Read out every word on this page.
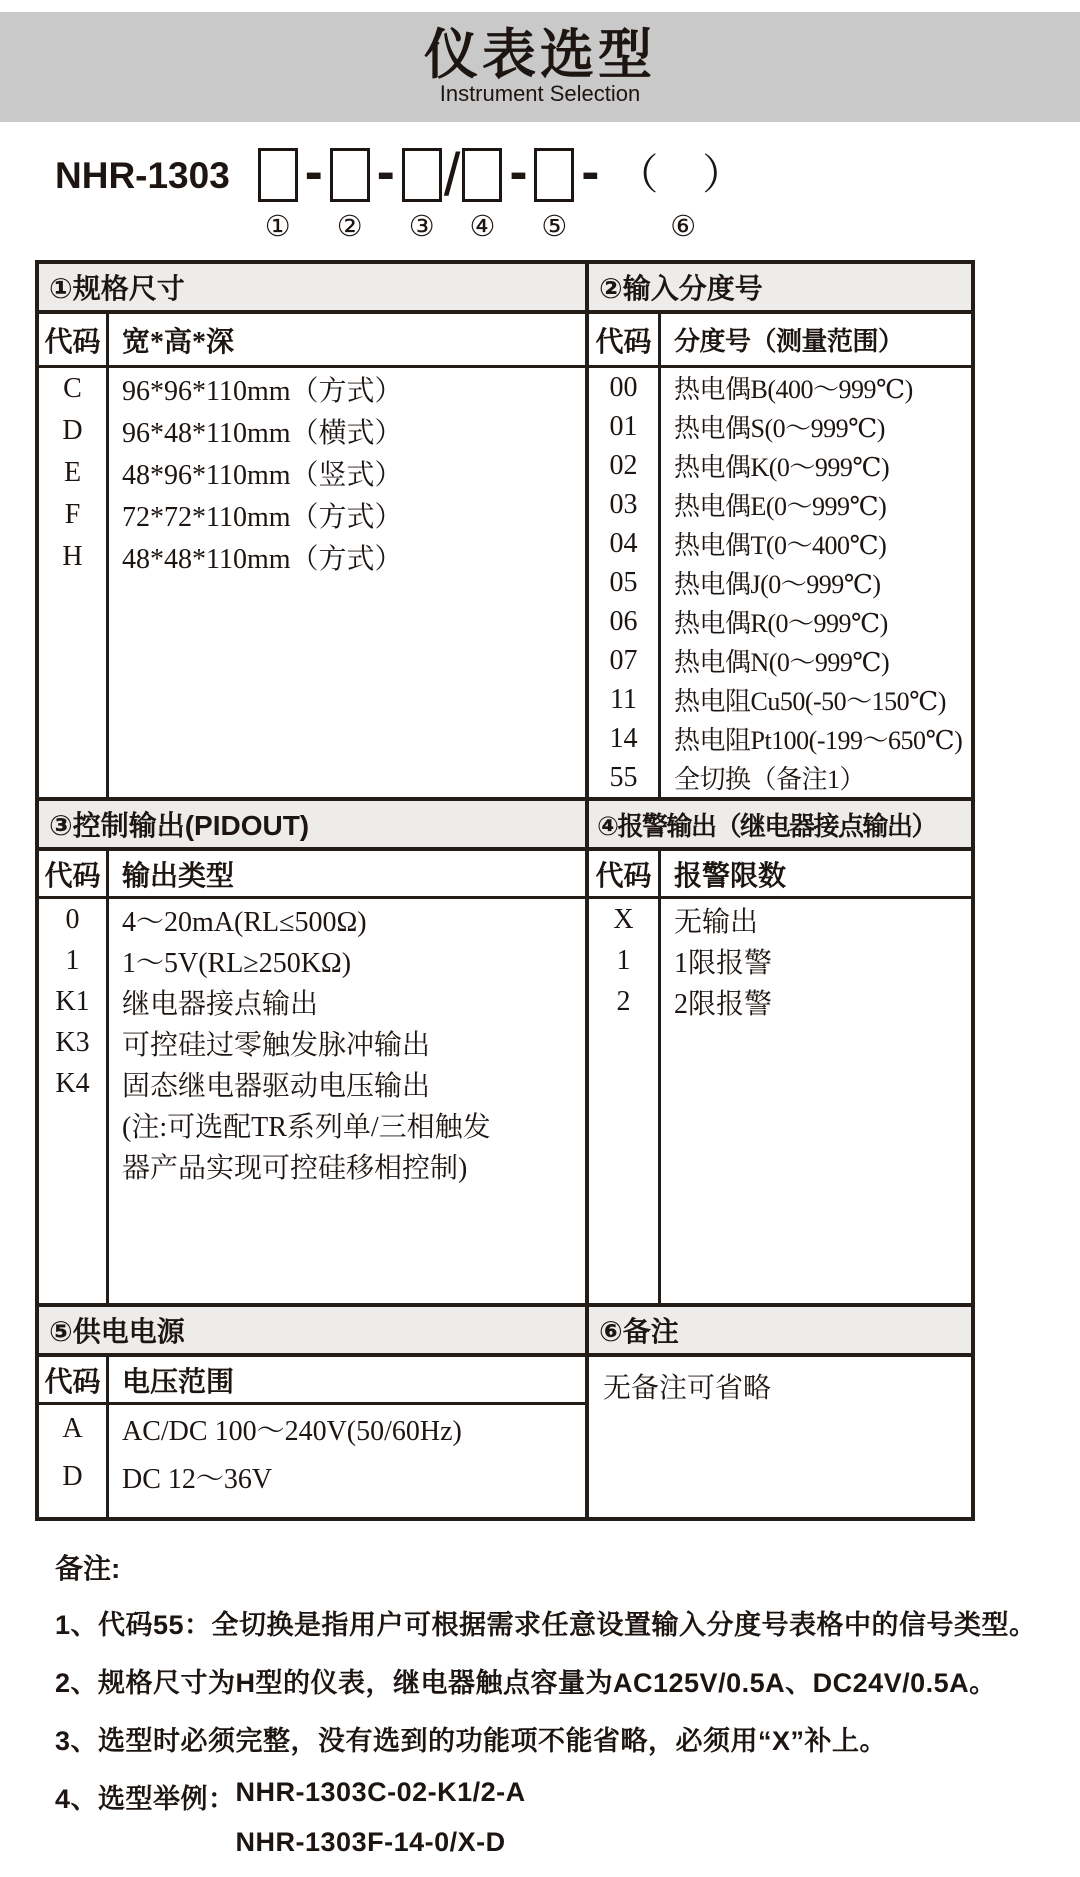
仪表选型
Instrument Selection
NHR-1303
①
-
②
-
③
/
④
-
⑤
- （ ）
⑥
①规格尺寸
代码 宽*高*深
C	96*96*110mm（方式）
D	96*48*110mm（横式）
E	48*96*110mm（竖式）
F	72*72*110mm（方式）
H	48*48*110mm（方式）
②输入分度号
代码 分度号（测量范围）
00	热电偶B(400～999℃)
01	热电偶S(0～999℃)
02	热电偶K(0～999℃)
03	热电偶E(0～999℃)
04	热电偶T(0～400℃)
05	热电偶J(0～999℃)
06	热电偶R(0～999℃)
07	热电偶N(0～999℃)
11	热电阻Cu50(-50～150℃)
14	热电阻Pt100(-199～650℃)
55	全切换（备注1）
③控制输出(PIDOUT)
代码 输出类型
0	4～20mA(RL≤500Ω)
1	1～5V(RL≥250KΩ)
K1	继电器接点输出
K3	可控硅过零触发脉冲输出
K4	固态继电器驱动电压输出
(注:可选配TR系列单/三相触发
器产品实现可控硅移相控制)
④报警输出（继电器接点输出）
代码 报警限数
X	无输出
1	1限报警
2	2限报警
⑤供电电源
代码 电压范围
A	AC/DC 100～240V(50/60Hz)
D	DC 12～36V
⑥备注
无备注可省略
备注:
1、代码55：全切换是指用户可根据需求任意设置输入分度号表格中的信号类型。
2、规格尺寸为H型的仪表，继电器触点容量为AC125V/0.5A、DC24V/0.5A。
3、选型时必须完整，没有选到的功能项不能省略，必须用“X”补上。
4、选型举例： NHR-1303C-02-K1/2-A
NHR-1303F-14-0/X-D
